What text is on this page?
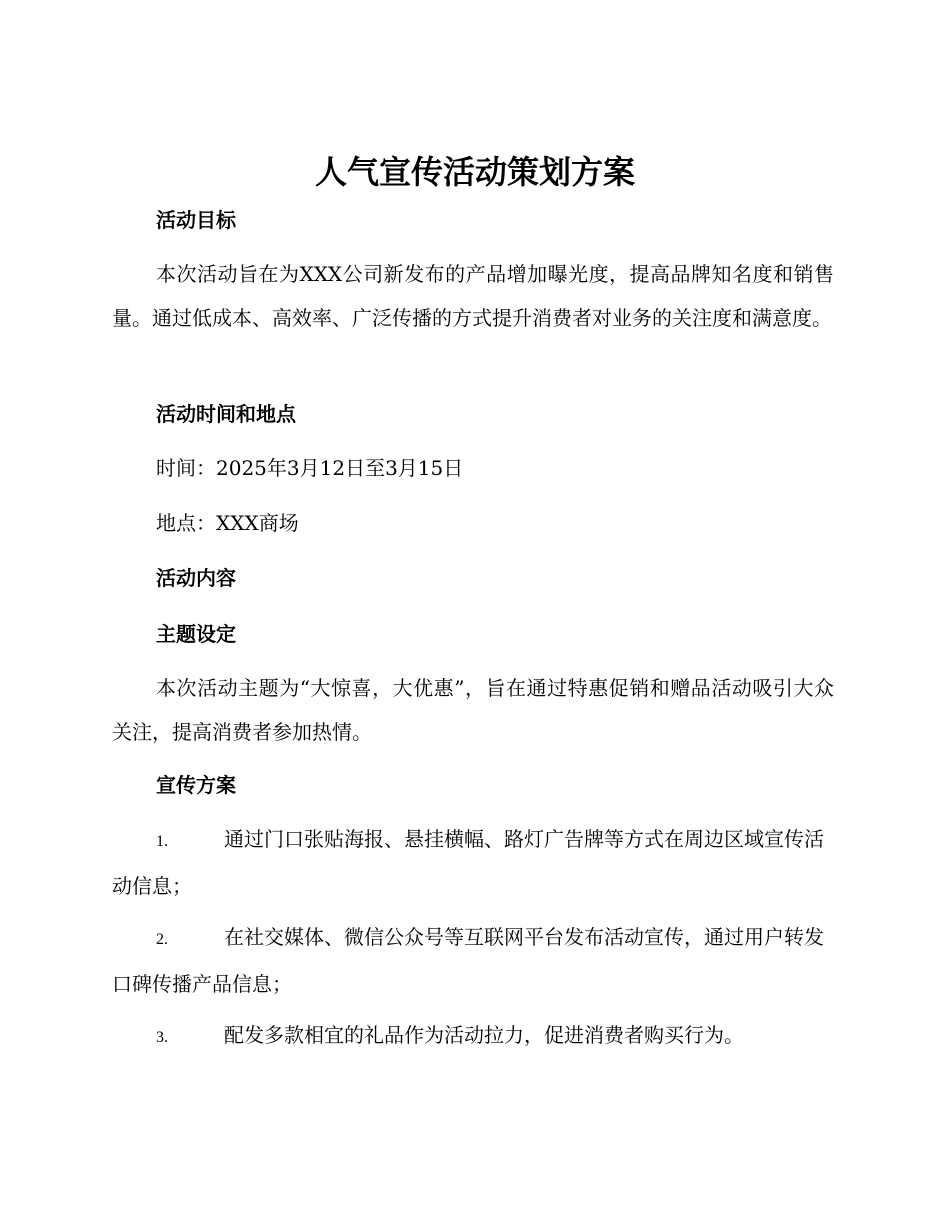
人气宣传活动策划方案
活动目标

本次活动旨在为XXX公司新发布的产品增加曝光度，提高品牌知名度和销售量。通过低成本、高效率、广泛传播的方式提升消费者对业务的关注度和满意度。

活动时间和地点

时间：2025年3月12日至3月15日

地点：XXX商场

活动内容
主题设定

本次活动主题为“大惊喜，大优惠”，旨在通过特惠促销和赠品活动吸引大众关注，提高消费者参加热情。

宣传方案

1.	通过门口张贴海报、悬挂横幅、路灯广告牌等方式在周边区域宣传活动信息；

2.	在社交媒体、微信公众号等互联网平台发布活动宣传，通过用户转发口碑传播产品信息；

3.	配发多款相宜的礼品作为活动拉力，促进消费者购买行为。
